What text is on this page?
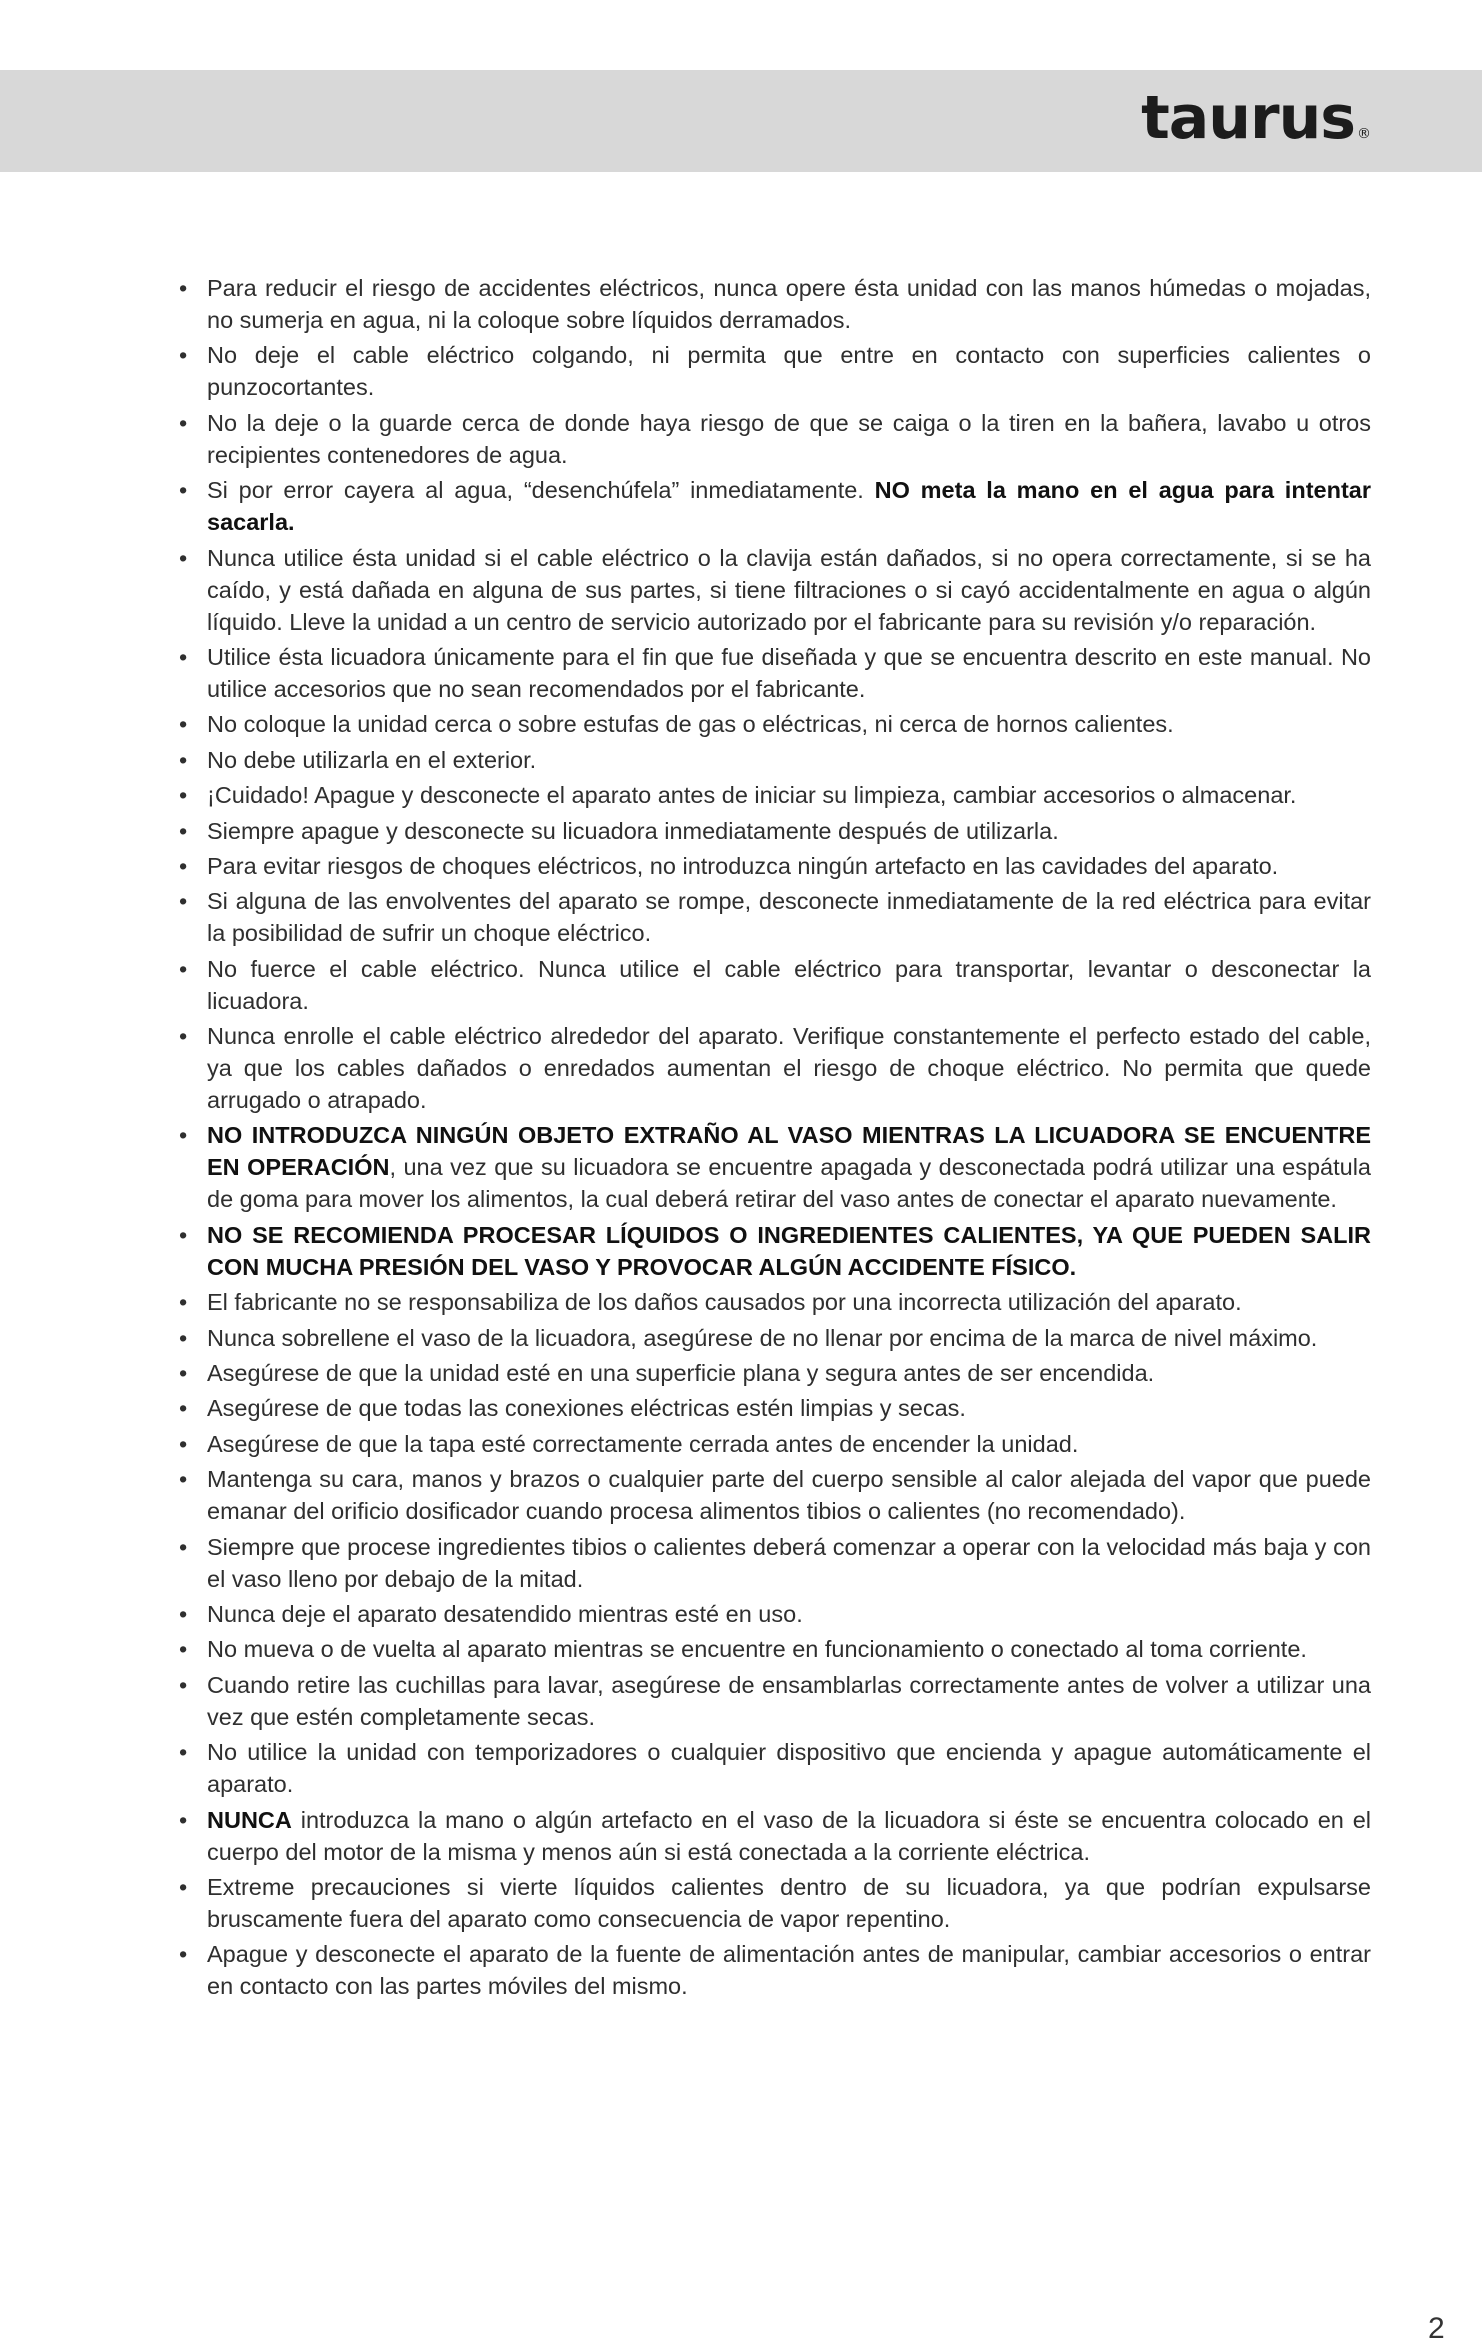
taurus ®
• Para reducir el riesgo de accidentes eléctricos, nunca opere ésta unidad con las manos húmedas o mojadas, no sumerja en agua, ni la coloque sobre líquidos derramados.
• No deje el cable eléctrico colgando, ni permita que entre en contacto con superficies calientes o punzocortantes.
• No la deje o la guarde cerca de donde haya riesgo de que se caiga o la tiren en la bañera, lavabo u otros recipientes contenedores de agua.
• Si por error cayera al agua, “desenchúfela” inmediatamente. NO meta la mano en el agua para intentar sacarla.
• Nunca utilice ésta unidad si el cable eléctrico o la clavija están dañados, si no opera correctamente, si se ha caído, y está dañada en alguna de sus partes, si tiene filtraciones o si cayó accidentalmente en agua o algún líquido. Lleve la unidad a un centro de servicio autorizado por el fabricante para su revisión y/o reparación.
• Utilice ésta licuadora únicamente para el fin que fue diseñada y que se encuentra descrito en este manual. No utilice accesorios que no sean recomendados por el fabricante.
• No coloque la unidad cerca o sobre estufas de gas o eléctricas, ni cerca de hornos calientes.
• No debe utilizarla en el exterior.
• ¡Cuidado! Apague y desconecte el aparato antes de iniciar su limpieza, cambiar accesorios o almacenar.
• Siempre apague y desconecte su licuadora inmediatamente después de utilizarla.
• Para evitar riesgos de choques eléctricos, no introduzca ningún artefacto en las cavidades del aparato.
• Si alguna de las envolventes del aparato se rompe, desconecte inmediatamente de la red eléctrica para evitar la posibilidad de sufrir un choque eléctrico.
• No fuerce el cable eléctrico. Nunca utilice el cable eléctrico para transportar, levantar o desconectar la licuadora.
• Nunca enrolle el cable eléctrico alrededor del aparato. Verifique constantemente el perfecto estado del cable, ya que los cables dañados o enredados aumentan el riesgo de choque eléctrico. No permita que quede arrugado o atrapado.
• NO INTRODUZCA NINGÚN OBJETO EXTRAÑO AL VASO MIENTRAS LA LICUADORA SE ENCUENTRE EN OPERACIÓN, una vez que su licuadora se encuentre apagada y desconectada podrá utilizar una espátula de goma para mover los alimentos, la cual deberá retirar del vaso antes de conectar el aparato nuevamente.
• NO SE RECOMIENDA PROCESAR LÍQUIDOS O INGREDIENTES CALIENTES, YA QUE PUEDEN SALIR CON MUCHA PRESIÓN DEL VASO Y PROVOCAR ALGÚN ACCIDENTE FÍSICO.
• El fabricante no se responsabiliza de los daños causados por una incorrecta utilización del aparato.
• Nunca sobrellene el vaso de la licuadora, asegúrese de no llenar por encima de la marca de nivel máximo.
• Asegúrese de que la unidad esté en una superficie plana y segura antes de ser encendida.
• Asegúrese de que todas las conexiones eléctricas estén limpias y secas.
• Asegúrese de que la tapa esté correctamente cerrada antes de encender la unidad.
• Mantenga su cara, manos y brazos o cualquier parte del cuerpo sensible al calor alejada del vapor que puede emanar del orificio dosificador cuando procesa alimentos tibios o calientes (no recomendado).
• Siempre que procese ingredientes tibios o calientes deberá comenzar a operar con la velocidad más baja y con el vaso lleno por debajo de la mitad.
• Nunca deje el aparato desatendido mientras esté en uso.
• No mueva o de vuelta al aparato mientras se encuentre en funcionamiento o conectado al toma corriente.
• Cuando retire las cuchillas para lavar, asegúrese de ensamblarlas correctamente antes de volver a utilizar una vez que estén completamente secas.
• No utilice la unidad con temporizadores o cualquier dispositivo que encienda y apague automáticamente el aparato.
• NUNCA introduzca la mano o algún artefacto en el vaso de la licuadora si éste se encuentra colocado en el cuerpo del motor de la misma y menos aún si está conectada a la corriente eléctrica.
• Extreme precauciones si vierte líquidos calientes dentro de su licuadora, ya que podrían expulsarse bruscamente fuera del aparato como consecuencia de vapor repentino.
• Apague y desconecte el aparato de la fuente de alimentación antes de manipular, cambiar accesorios o entrar en contacto con las partes móviles del mismo.
2
